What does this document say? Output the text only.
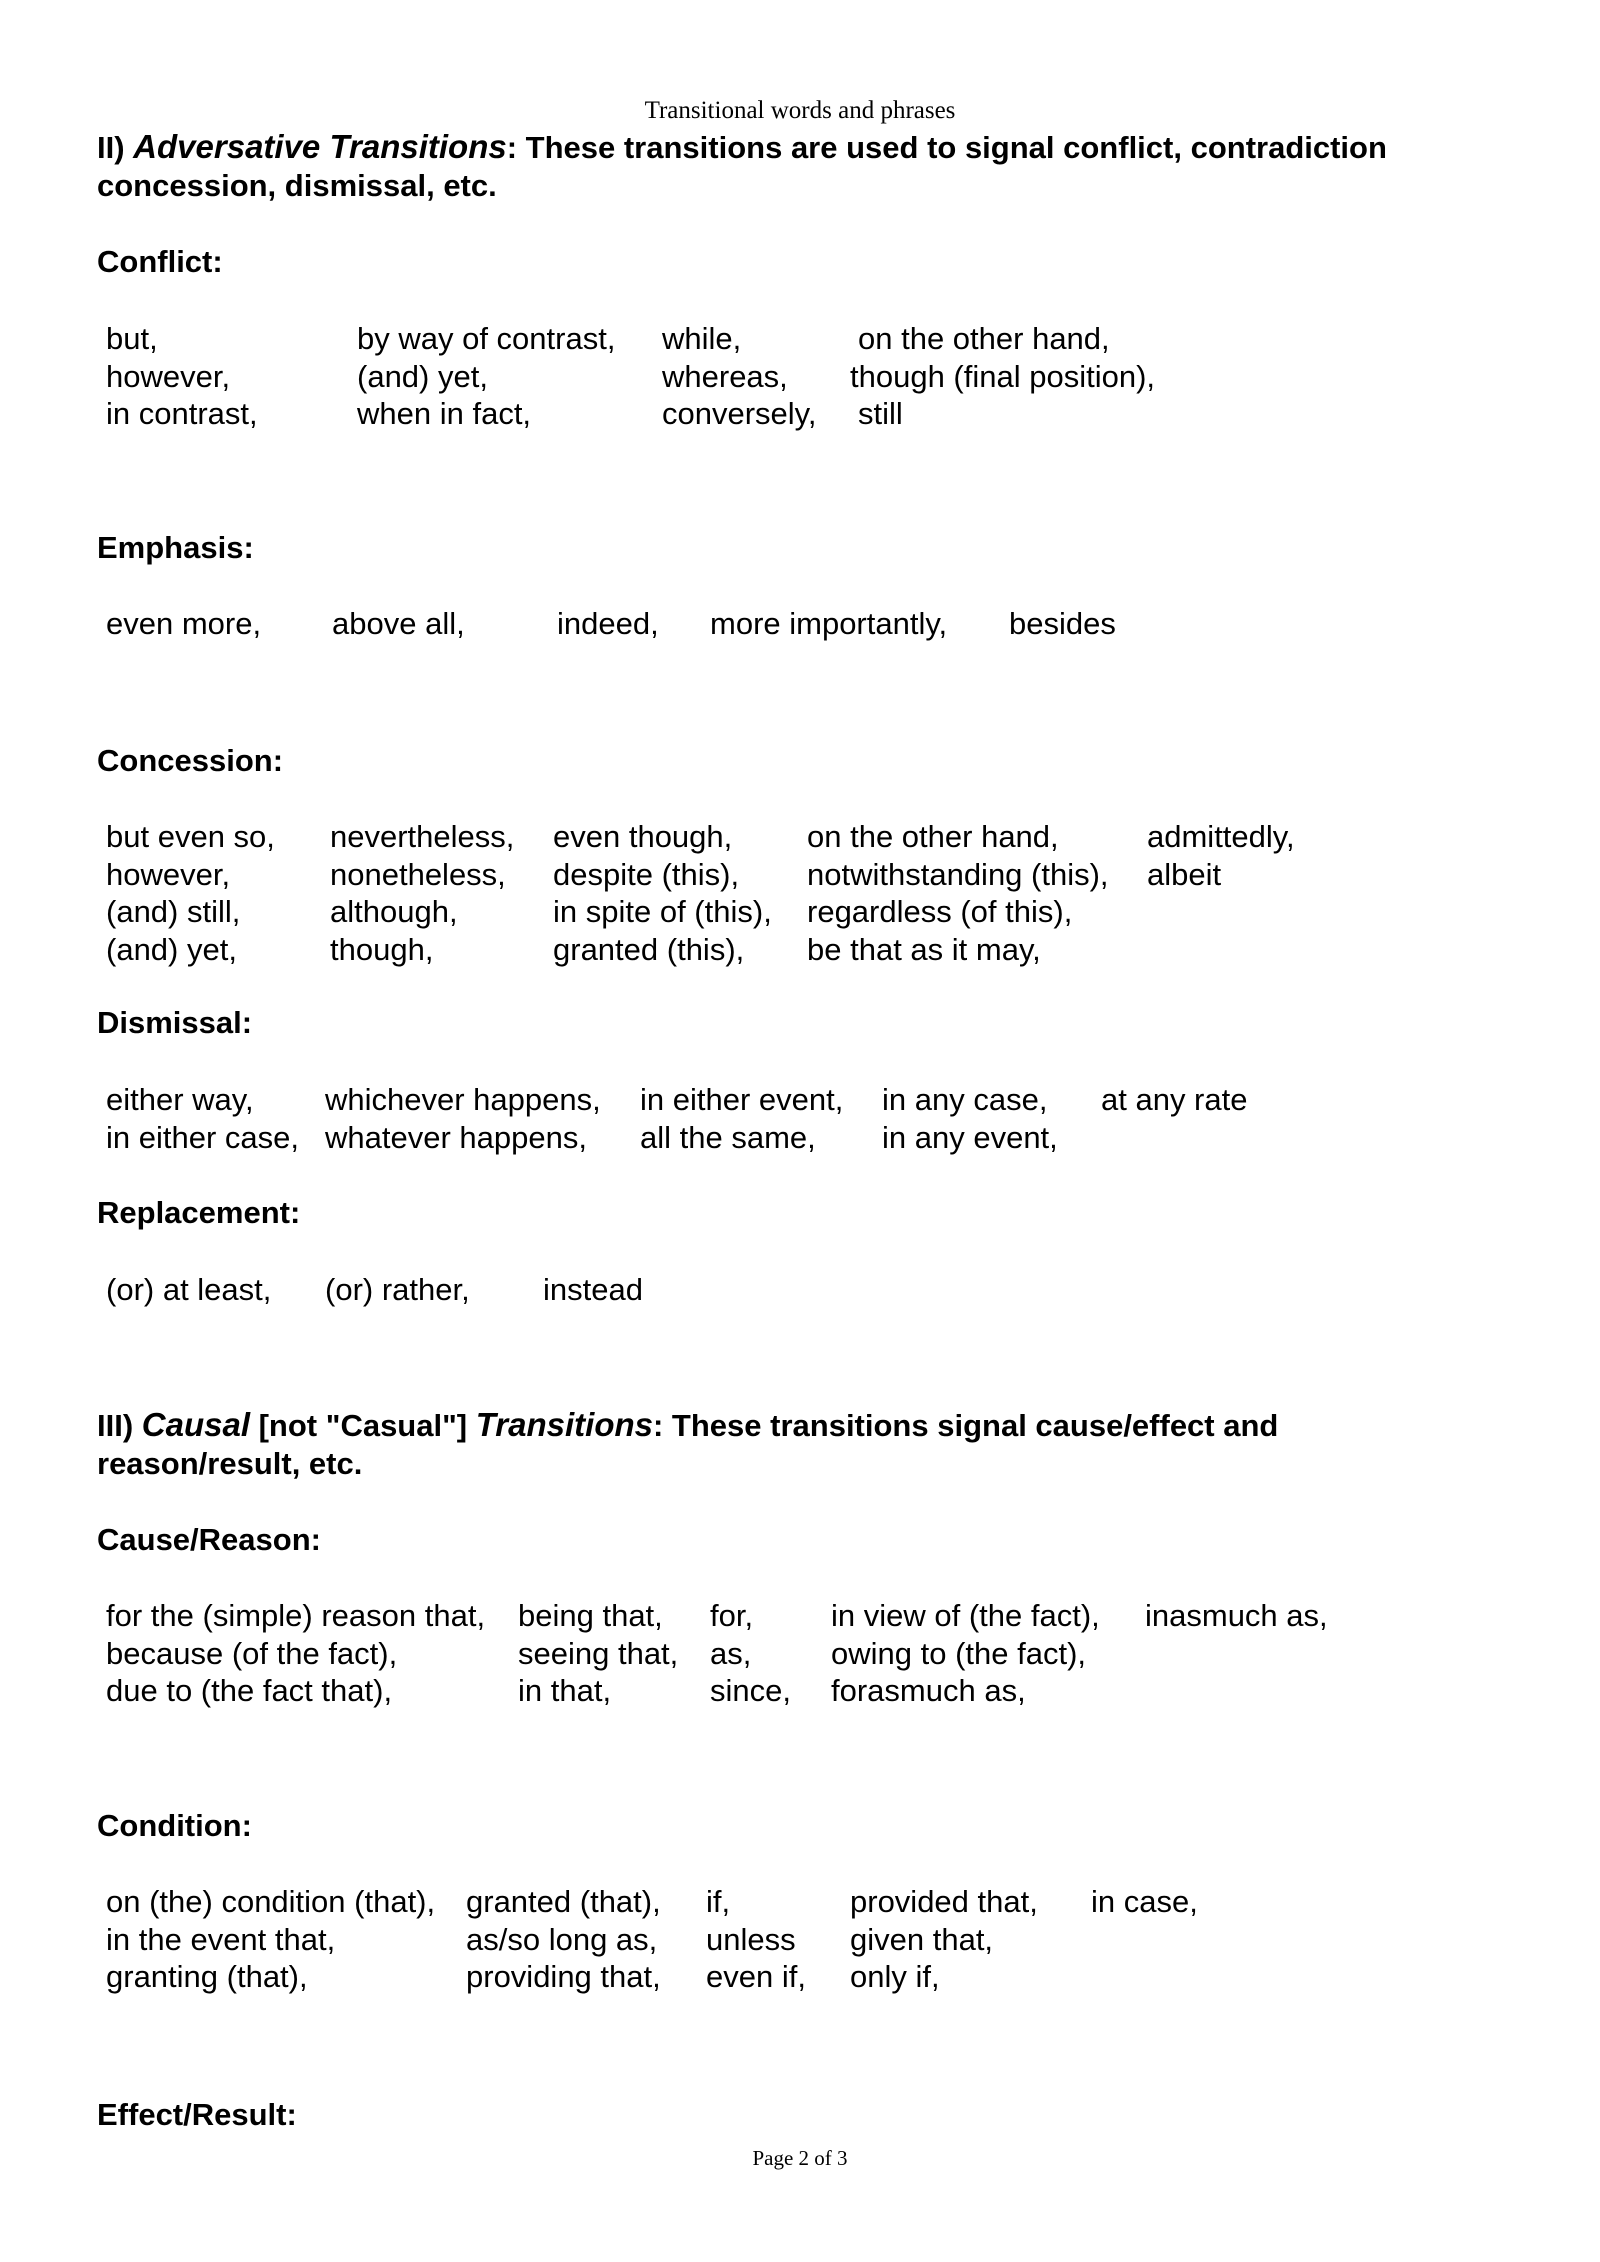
Transitional words and phrases
II) Adversative Transitions: These transitions are used to signal conflict, contradiction
concession, dismissal, etc.
Conflict:
but,
however,
in contrast,
by way of contrast,
(and) yet,
when in fact,
while,
whereas,
conversely,
on the other hand,
though (final position),
still
Emphasis:
even more, above all,	indeed, more importantly, besides
Concession:
but even so,
however,
(and) still,
(and) yet,
nevertheless,
nonetheless,
although,
though,
even though,
despite (this),
in spite of (this),
granted (this),
on the other hand,
notwithstanding (this),
regardless (of this),
be that as it may,
admittedly,
albeit
Dismissal:
either way,
in either case,
whichever happens,
whatever happens,
in either event,
all the same,
in any case,
in any event,
at any rate
Replacement:
(or) at least, (or) rather, instead
III) Causal [not "Casual"] Transitions: These transitions signal cause/effect and
reason/result, etc.
Cause/Reason:
for the (simple) reason that,
because (of the fact),
due to (the fact that),
being that,
seeing that,
in that,
for,
as,
since,
in view of (the fact),
owing to (the fact),
forasmuch as,
inasmuch as,
Condition:
on (the) condition (that),
in the event that,
granting (that),
granted (that),
as/so long as,
providing that,
if,
unless
even if,
provided that,
given that,
only if,
in case,
Effect/Result:
Page 2 of 3
